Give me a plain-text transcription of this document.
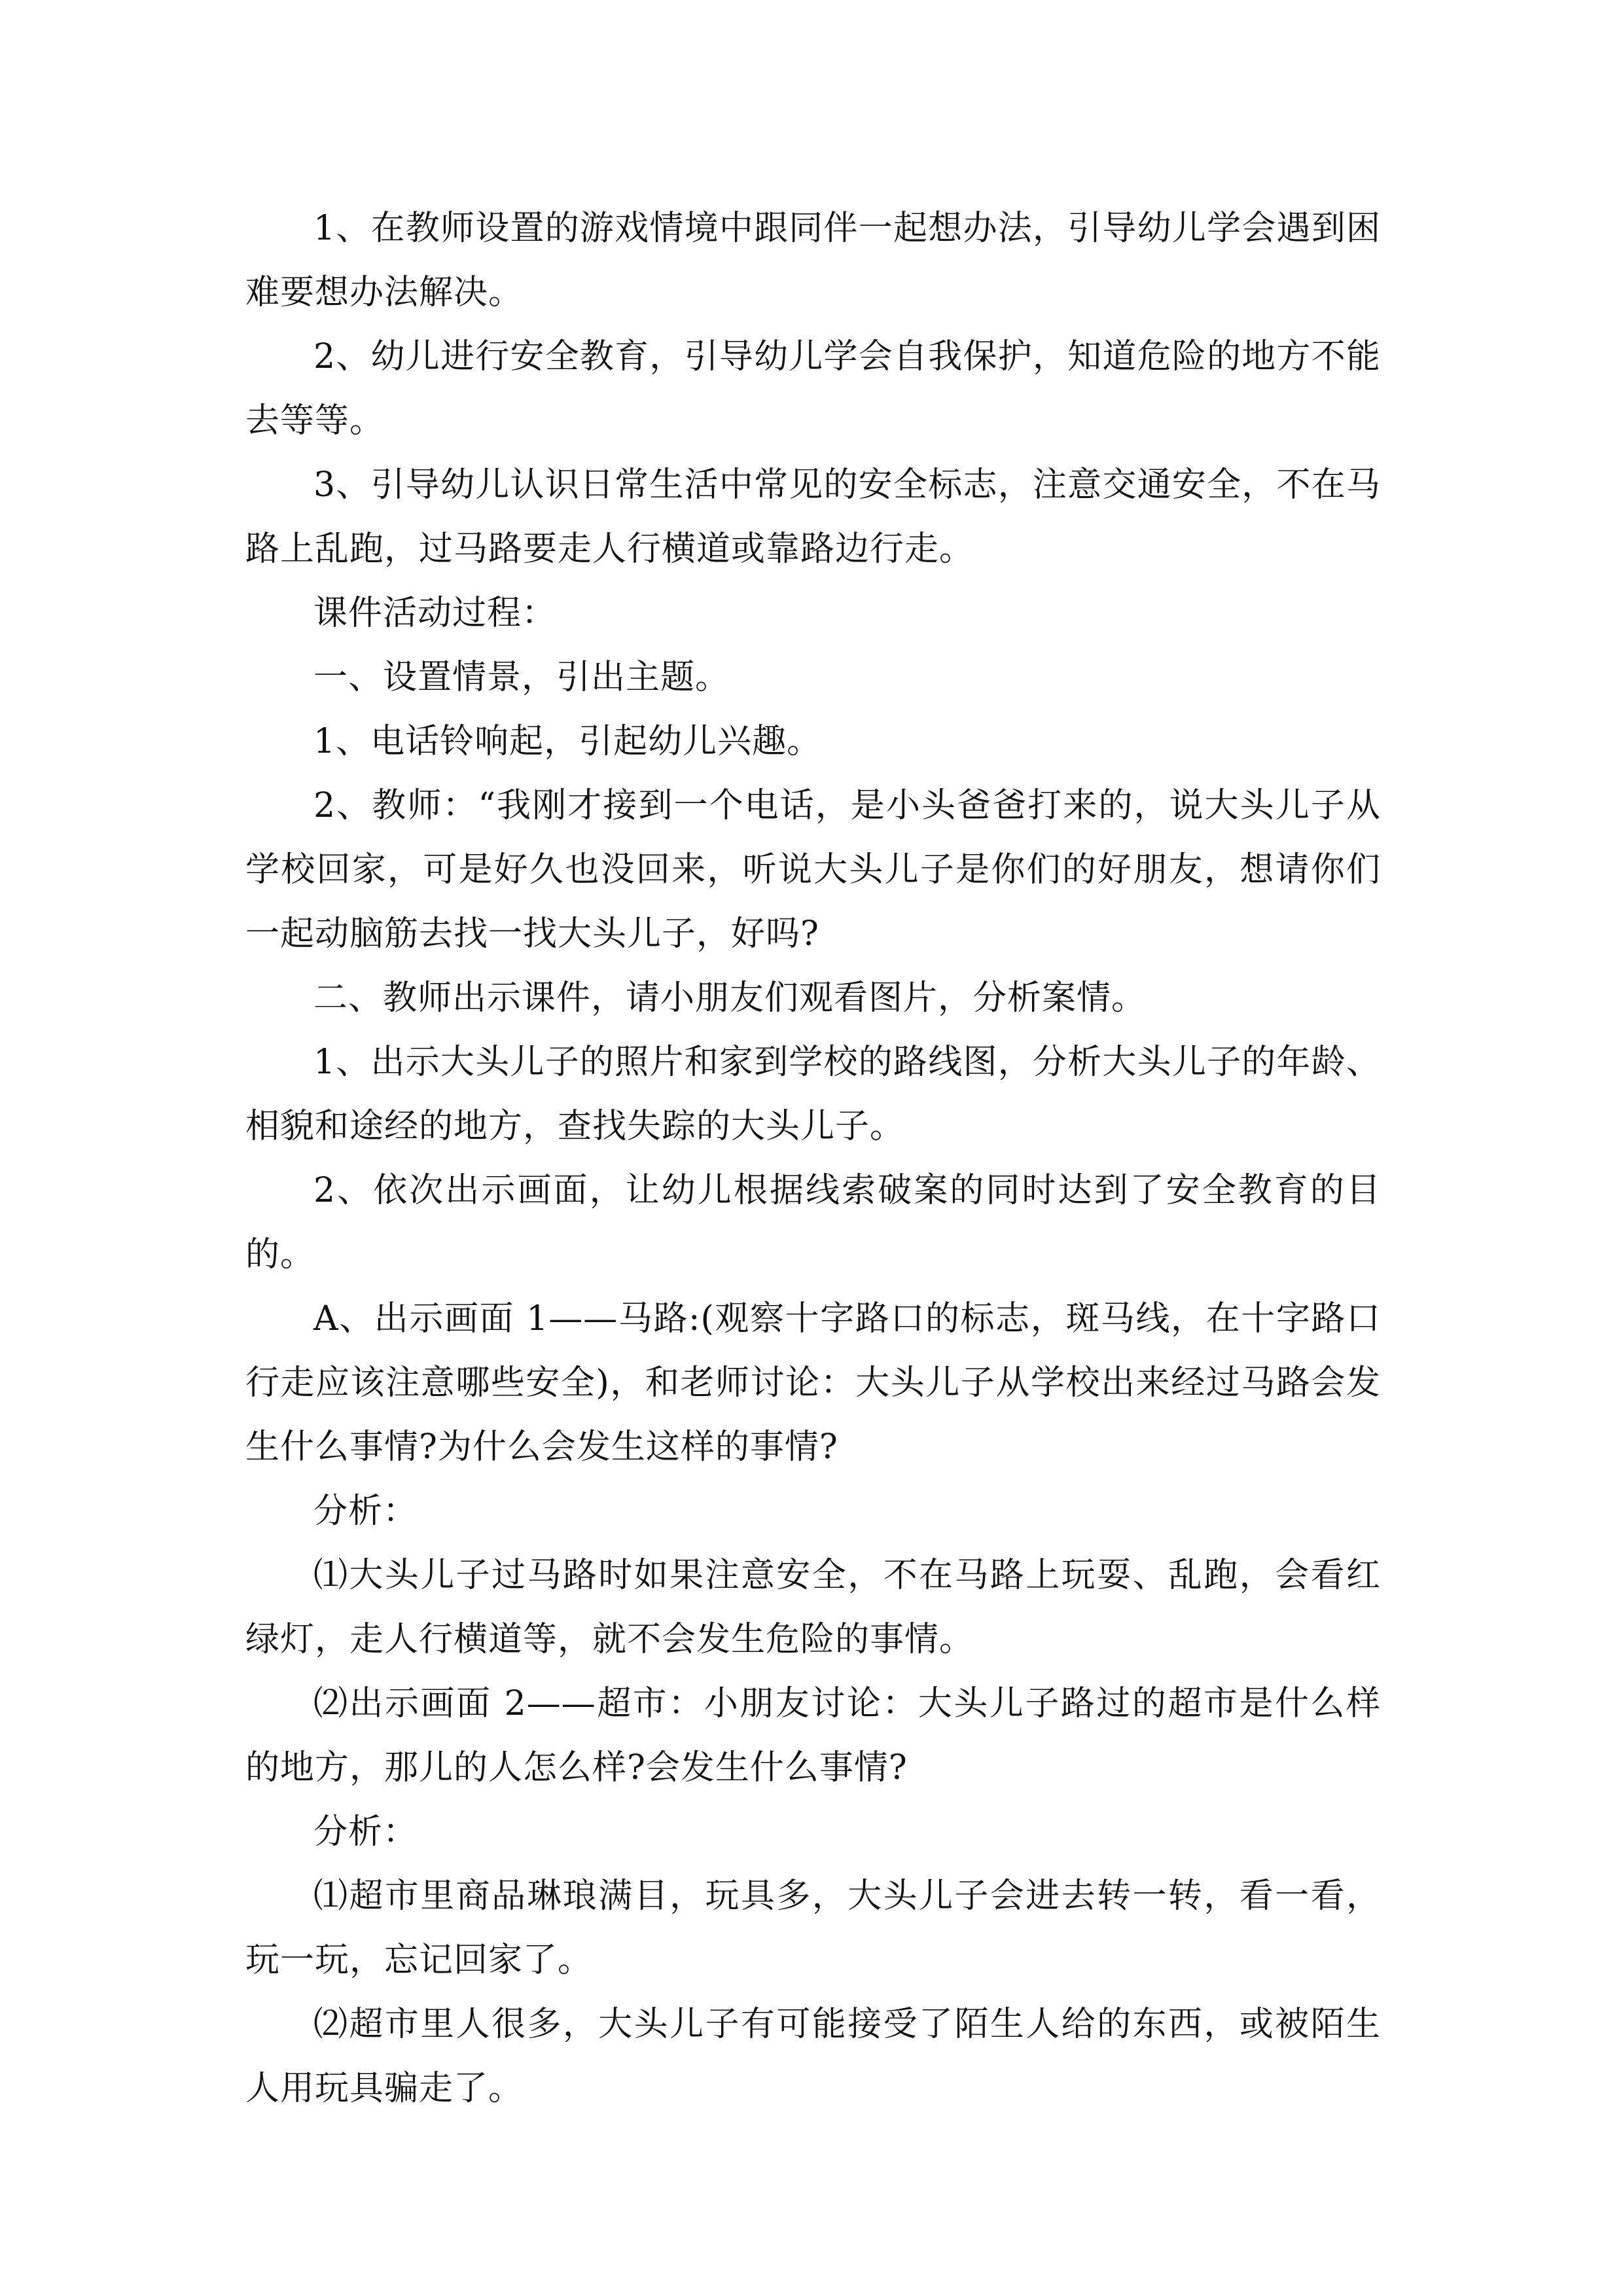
1、在教师设置的游戏情境中跟同伴一起想办法，引导幼儿学会遇到困难要想办法解决。

2、幼儿进行安全教育，引导幼儿学会自我保护，知道危险的地方不能去等等。

3、引导幼儿认识日常生活中常见的安全标志，注意交通安全，不在马路上乱跑，过马路要走人行横道或靠路边行走。

课件活动过程：

一、设置情景，引出主题。

1、电话铃响起，引起幼儿兴趣。

2、教师：“我刚才接到一个电话，是小头爸爸打来的，说大头儿子从学校回家，可是好久也没回来，听说大头儿子是你们的好朋友，想请你们一起动脑筋去找一找大头儿子，好吗?

二、教师出示课件，请小朋友们观看图片，分析案情。

1、出示大头儿子的照片和家到学校的路线图，分析大头儿子的年龄、相貌和途经的地方，查找失踪的大头儿子。

2、依次出示画面，让幼儿根据线索破案的同时达到了安全教育的目的。

A、出示画面 1——马路:(观察十字路口的标志，斑马线，在十字路口行走应该注意哪些安全)，和老师讨论：大头儿子从学校出来经过马路会发生什么事情?为什么会发生这样的事情?

分析：

⑴大头儿子过马路时如果注意安全，不在马路上玩耍、乱跑，会看红绿灯，走人行横道等，就不会发生危险的事情。

⑵出示画面 2——超市：小朋友讨论：大头儿子路过的超市是什么样的地方，那儿的人怎么样?会发生什么事情?

分析：

⑴超市里商品琳琅满目，玩具多，大头儿子会进去转一转，看一看，玩一玩，忘记回家了。

⑵超市里人很多，大头儿子有可能接受了陌生人给的东西，或被陌生人用玩具骗走了。
